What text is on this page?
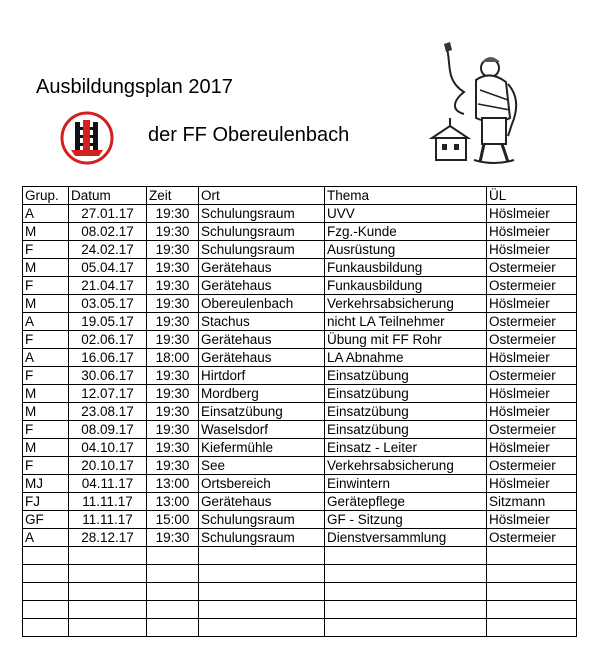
Ausbildungsplan 2017
der FF Obereulenbach
Grup.	Datum	Zeit	Ort	Thema	ÜL
A	27.01.17	19:30	Schulungsraum	UVV	Höslmeier
M	08.02.17	19:30	Schulungsraum	Fzg.-Kunde	Höslmeier
F	24.02.17	19:30	Schulungsraum	Ausrüstung	Höslmeier
M	05.04.17	19:30	Gerätehaus	Funkausbildung	Ostermeier
F	21.04.17	19:30	Gerätehaus	Funkausbildung	Ostermeier
M	03.05.17	19:30	Obereulenbach	Verkehrsabsicherung	Höslmeier
A	19.05.17	19:30	Stachus	nicht LA Teilnehmer	Ostermeier
F	02.06.17	19:30	Gerätehaus	Übung mit FF Rohr	Ostermeier
A	16.06.17	18:00	Gerätehaus	LA Abnahme	Höslmeier
F	30.06.17	19:30	Hirtdorf	Einsatzübung	Ostermeier
M	12.07.17	19:30	Mordberg	Einsatzübung	Höslmeier
M	23.08.17	19:30	Einsatzübung	Einsatzübung	Höslmeier
F	08.09.17	19:30	Waselsdorf	Einsatzübung	Ostermeier
M	04.10.17	19:30	Kiefermühle	Einsatz - Leiter	Höslmeier
F	20.10.17	19:30	See	Verkehrsabsicherung	Ostermeier
MJ	04.11.17	13:00	Ortsbereich	Einwintern	Höslmeier
FJ	11.11.17	13:00	Gerätehaus	Gerätepflege	Sitzmann
GF	11.11.17	15:00	Schulungsraum	GF - Sitzung	Höslmeier
A	28.12.17	19:30	Schulungsraum	Dienstversammlung	Ostermeier
